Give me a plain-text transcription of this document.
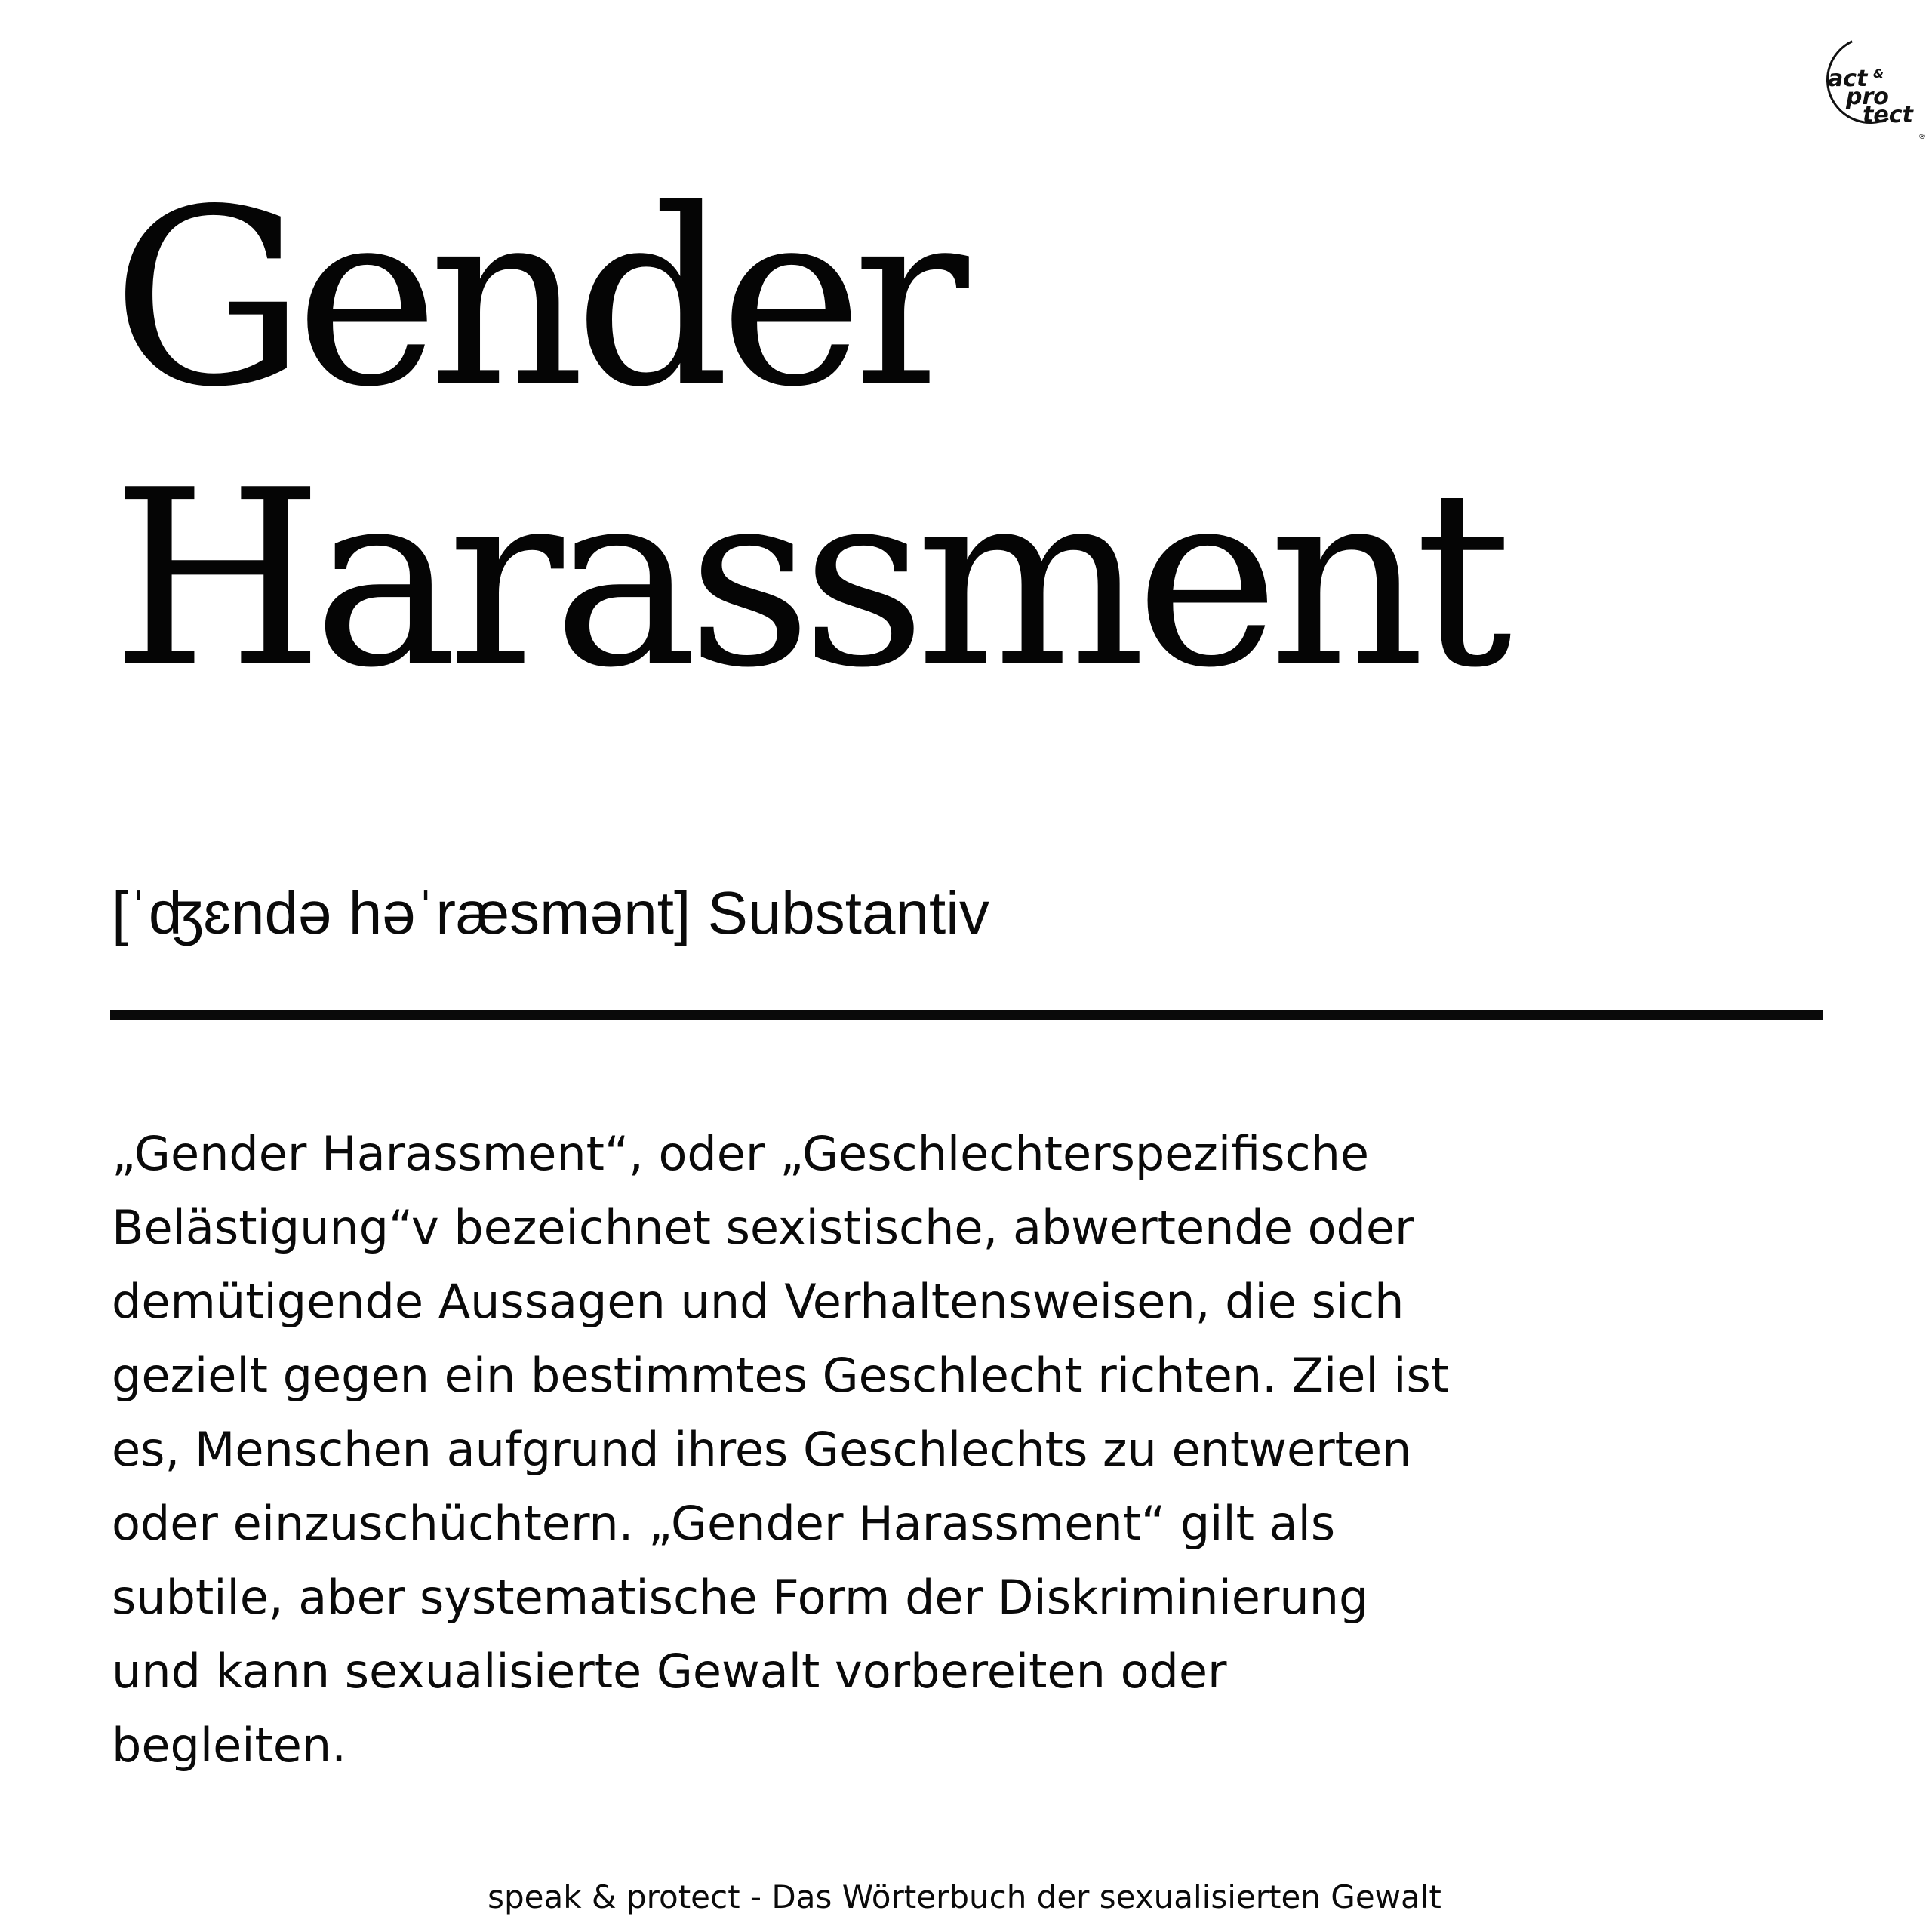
act &
pro
tect
®
Gender
Harassment
[ˈʤɛndə həˈræsmənt] Substantiv

„Gender Harassment“, oder „Geschlechterspezifische
Belästigung“v bezeichnet sexistische, abwertende oder
demütigende Aussagen und Verhaltensweisen, die sich
gezielt gegen ein bestimmtes Geschlecht richten. Ziel ist
es, Menschen aufgrund ihres Geschlechts zu entwerten
oder einzuschüchtern. „Gender Harassment“ gilt als
subtile, aber systematische Form der Diskriminierung
und kann sexualisierte Gewalt vorbereiten oder
begleiten.

speak & protect - Das Wörterbuch der sexualisierten Gewalt
